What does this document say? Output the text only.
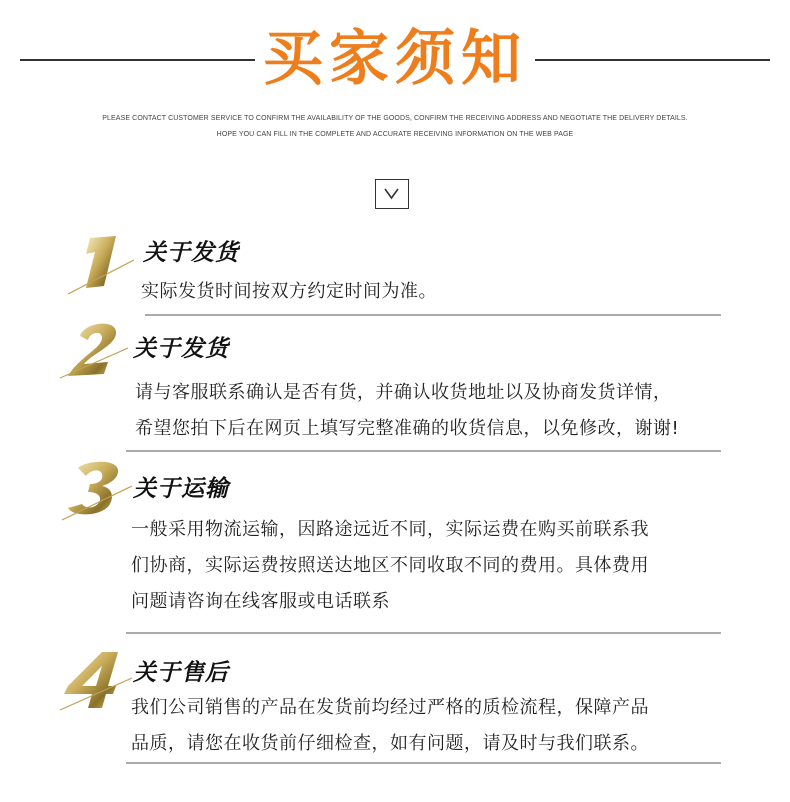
买家须知
PLEASE CONTACT CUSTOMER SERVICE TO CONFIRM THE AVAILABILITY OF THE GOODS, CONFIRM THE RECEIVING ADDRESS AND NEGOTIATE THE DELIVERY DETAILS.
HOPE YOU CAN FILL IN THE COMPLETE AND ACCURATE RECEIVING INFORMATION ON THE WEB PAGE
关于发货
实际发货时间按双方约定时间为准。
关于发货
请与客服联系确认是否有货，并确认收货地址以及协商发货详情，
希望您拍下后在网页上填写完整准确的收货信息，以免修改，谢谢!
关于运输
一般采用物流运输，因路途远近不同，实际运费在购买前联系我
们协商，实际运费按照送达地区不同收取不同的费用。具体费用
问题请咨询在线客服或电话联系
关于售后
我们公司销售的产品在发货前均经过严格的质检流程，保障产品
品质，请您在收货前仔细检查，如有问题，请及时与我们联系。
